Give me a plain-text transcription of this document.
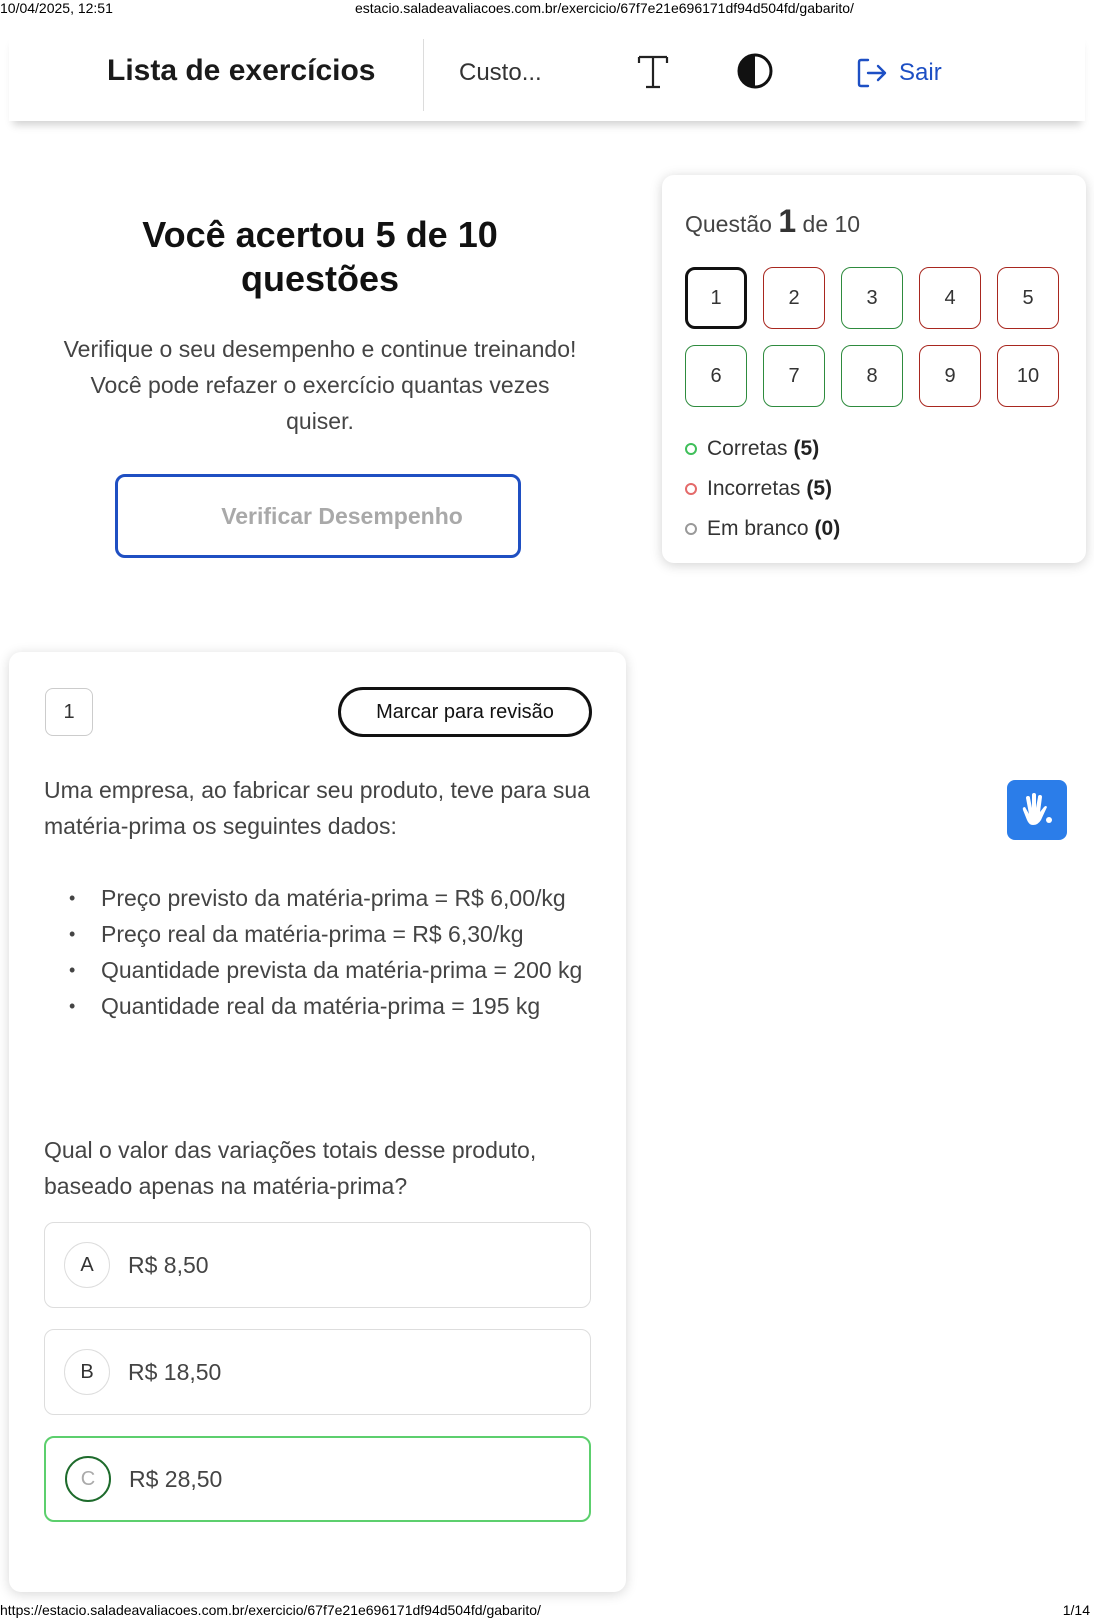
10/04/2025, 12:51	estacio.saladeavaliacoes.com.br/exercicio/67f7e21e696171df94d504fd/gabarito/
Lista de exercícios	Custo...	Sair
Você acertou 5 de 10 questões

Verifique o seu desempenho e continue treinando! Você pode refazer o exercício quantas vezes quiser.

Verificar Desempenho
Questão 1 de 10
1	2	3	4	5
6	7	8	9	10
Corretas (5)
Incorretas (5)
Em branco (0)
1	Marcar para revisão
Uma empresa, ao fabricar seu produto, teve para sua matéria-prima os seguintes dados:
• Preço previsto da matéria-prima = R$ 6,00/kg
• Preço real da matéria-prima = R$ 6,30/kg
• Quantidade prevista da matéria-prima = 200 kg
• Quantidade real da matéria-prima = 195 kg
Qual o valor das variações totais desse produto, baseado apenas na matéria-prima?
A	R$ 8,50
B	R$ 18,50
C	R$ 28,50
https://estacio.saladeavaliacoes.com.br/exercicio/67f7e21e696171df94d504fd/gabarito/	1/14
